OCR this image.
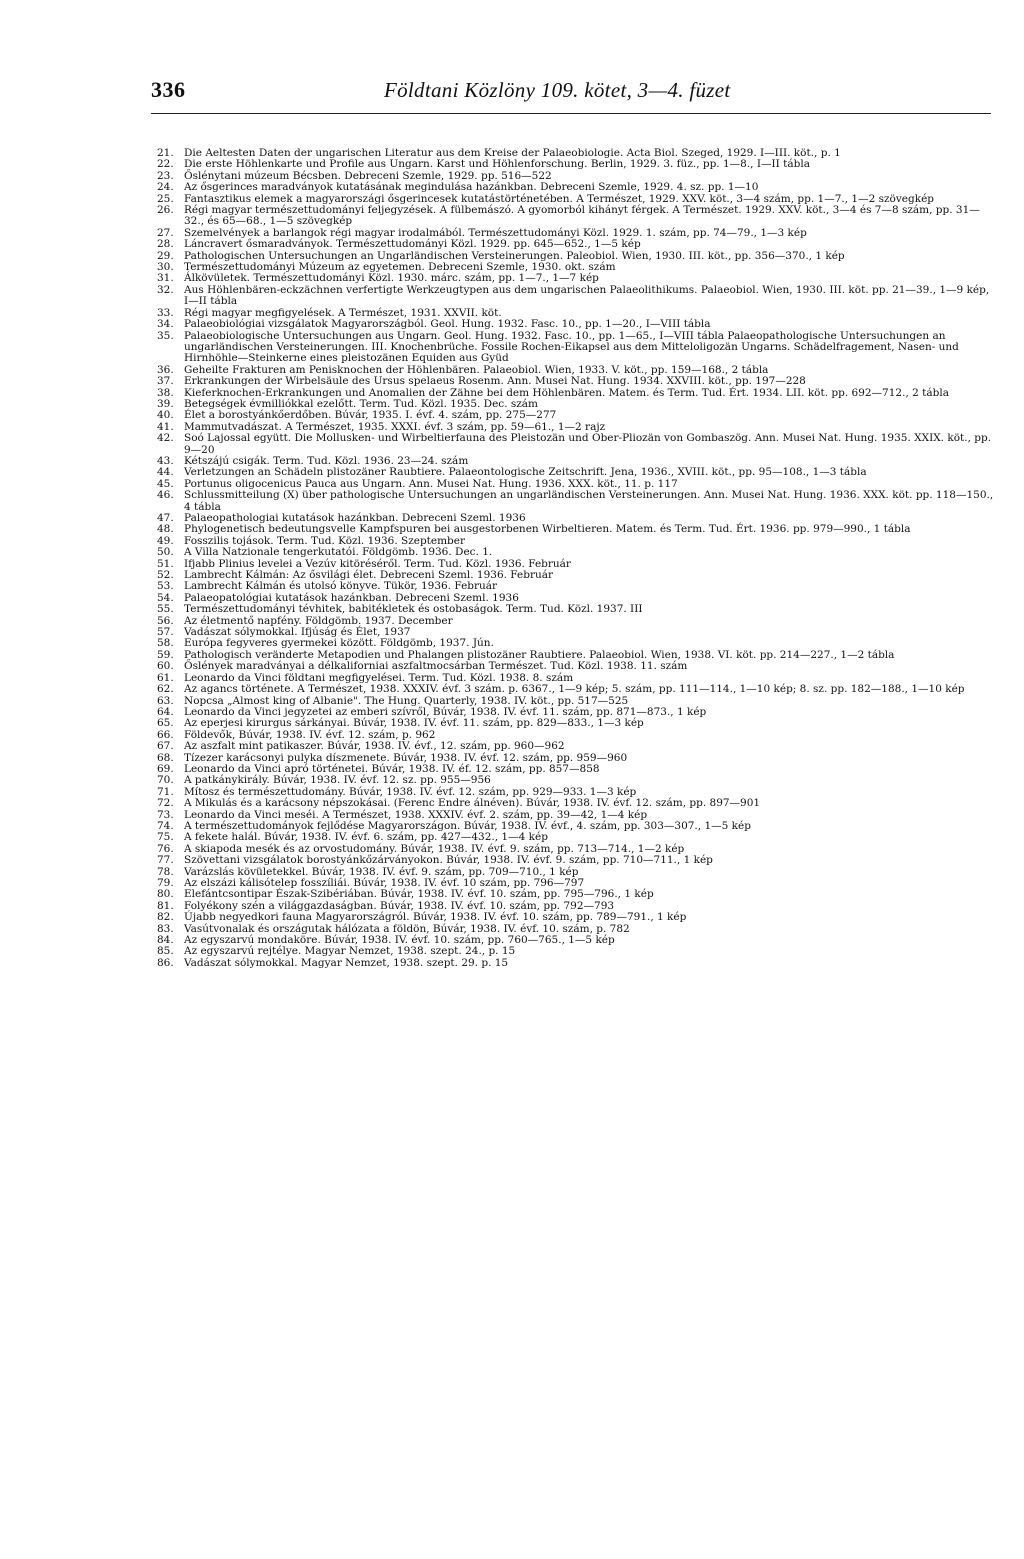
336	Földtani Közlöny 109. kötet, 3—4. füzet
21. Die Aeltesten Daten der ungarischen Literatur aus dem Kreise der Palaeobiologie. Acta Biol. Szeged, 1929. I—III. köt., p. 1
22. Die erste Höhlenkarte und Profile aus Ungarn. Karst und Höhlenforschung. Berlin, 1929. 3. füz., pp. 1—8., I—II tábla
23. Őslénytani múzeum Bécsben. Debreceni Szemle, 1929. pp. 516—522
24. Az ősgerinces maradványok kutatásának megindulása hazánkban. Debreceni Szemle, 1929. 4. sz. pp. 1—10
25. Fantasztikus elemek a magyarországi ősgerincesek kutatástörténetében. A Természet, 1929. XXV. köt., 3—4 szám, pp. 1—7., 1—2 szövegkép
26. Régi magyar természettudományi feljegyzések. A fülbemászó. A gyomorból kihányt férgek. A Természet. 1929. XXV. köt., 3—4 és 7—8 szám, pp. 31—32., és 65—68., 1—5 szövegkép
27. Szemelvények a barlangok régi magyar irodalmából. Természettudományi Közl. 1929. 1. szám, pp. 74—79., 1—3 kép
28. Láncravert ősmaradványok. Természettudományi Közl. 1929. pp. 645—652., 1—5 kép
29. Pathologischen Untersuchungen an Ungarländischen Versteinerungen. Paleobiol. Wien, 1930. III. köt., pp. 356—370., 1 kép
30. Természettudományi Múzeum az egyetemen. Debreceni Szemle, 1930. okt. szám
31. Álkövületek. Természettudományi Közl. 1930. márc. szám, pp. 1—7., 1—7 kép
32. Aus Höhlenbären-eckzächnen verfertigte Werkzeugtypen aus dem ungarischen Palaeolithikums. Palaeobiol. Wien, 1930. III. köt. pp. 21—39., 1—9 kép, I—II tábla
33. Régi magyar megfigyelések. A Természet, 1931. XXVII. köt.
34. Palaeobiológiai vizsgálatok Magyarországból. Geol. Hung. 1932. Fasc. 10., pp. 1—20., I—VIII tábla
35. Palaeobiologische Untersuchungen aus Ungarn. Geol. Hung. 1932. Fasc. 10., pp. 1—65., I—VIII tábla Palaeopathologische Untersuchungen an ungarländischen Versteinerungen. III. Knochenbrüche. Fossile Rochen-Eikapsel aus dem Mitteloligozän Ungarns. Schädelfragement, Nasen- und Hirnhöhle—Steinkerne eines pleistozänen Equiden aus Gyüd
36. Geheilte Frakturen am Penisknochen der Höhlenbären. Palaeobiol. Wien, 1933. V. köt., pp. 159—168., 2 tábla
37. Erkrankungen der Wirbelsäule des Ursus spelaeus Rosenm. Ann. Musei Nat. Hung. 1934. XXVIII. köt., pp. 197—228
38. Kieferknochen-Erkrankungen und Anomalien der Zähne bei dem Höhlenbären. Matem. és Term. Tud. Ért. 1934. LII. köt. pp. 692—712., 2 tábla
39. Betegségek évmilliókkal ezelőtt. Term. Tud. Közl. 1935. Dec. szám
40. Élet a borostyánkőerdőben. Búvár, 1935. I. évf. 4. szám, pp. 275—277
41. Mammutvadászat. A Természet, 1935. XXXI. évf. 3 szám, pp. 59—61., 1—2 rajz
42. Soó Lajossal együtt. Die Mollusken- und Wirbeltierfauna des Pleistozän und Ober-Pliozän von Gombaszög. Ann. Musei Nat. Hung. 1935. XXIX. köt., pp. 9—20
43. Kétszájú csigák. Term. Tud. Közl. 1936. 23—24. szám
44. Verletzungen an Schädeln plistozäner Raubtiere. Palaeontologische Zeitschrift. Jena, 1936., XVIII. köt., pp. 95—108., 1—3 tábla
45. Portunus oligocenicus Pauca aus Ungarn. Ann. Musei Nat. Hung. 1936. XXX. köt., 11. p. 117
46. Schlussmitteilung (X) über pathologische Untersuchungen an ungarländischen Versteinerungen. Ann. Musei Nat. Hung. 1936. XXX. köt. pp. 118—150., 4 tábla
47. Palaeopathologiai kutatások hazánkban. Debreceni Szeml. 1936
48. Phylogenetisch bedeutungsvelle Kampfspuren bei ausgestorbenen Wirbeltieren. Matem. és Term. Tud. Ért. 1936. pp. 979—990., 1 tábla
49. Fosszilis tojások. Term. Tud. Közl. 1936. Szeptember
50. A Villa Natzionale tengerkutatói. Földgömb. 1936. Dec. 1.
51. Ifjabb Plinius levelei a Vezúv kitöréséről. Term. Tud. Közl. 1936. Február
52. Lambrecht Kálmán: Az ősvilági élet. Debreceni Szeml. 1936. Február
53. Lambrecht Kálmán és utolsó könyve. Tükör, 1936. Február
54. Palaeopatológiai kutatások hazánkban. Debreceni Szeml. 1936
55. Természettudományi tévhitek, babitékletek és ostobaságok. Term. Tud. Közl. 1937. III
56. Az életmentő napfény. Földgömb. 1937. December
57. Vadászat sólymokkal. Ifjúság és Élet, 1937
58. Európa fegyveres gyermekei között. Földgömb, 1937. Jún.
59. Pathologisch veränderte Metapodien und Phalangen plistozäner Raubtiere. Palaeobiol. Wien, 1938. VI. köt. pp. 214—227., 1—2 tábla
60. Őslények maradványai a délkaliforniai aszfaltmocsárban Természet. Tud. Közl. 1938. 11. szám
61. Leonardo da Vinci földtani megfigyelései. Term. Tud. Közl. 1938. 8. szám
62. Az agancs története. A Természet, 1938. XXXIV. évf. 3 szám. p. 6367., 1—9 kép; 5. szám, pp. 111—114., 1—10 kép; 8. sz. pp. 182—188., 1—10 kép
63. Nopcsa „Almost king of Albanie". The Hung. Quarterly, 1938. IV. köt., pp. 517—525
64. Leonardo da Vinci jegyzetei az emberi szívről, Búvár, 1938. IV. évf. 11. szám, pp. 871—873., 1 kép
65. Az eperjesi kirurgus sárkányai. Búvár, 1938. IV. évf. 11. szám, pp. 829—833., 1—3 kép
66. Földevők, Búvár, 1938. IV. évf. 12. szám, p. 962
67. Az aszfalt mint patikaszer. Búvár, 1938. IV. évf., 12. szám, pp. 960—962
68. Tízezer karácsonyi pulyka díszmenete. Búvár, 1938. IV. évf. 12. szám, pp. 959—960
69. Leonardo da Vinci apró történetei. Búvár, 1938. IV. éf. 12. szám, pp. 857—858
70. A patkánykirály. Búvár, 1938. IV. évf. 12. sz. pp. 955—956
71. Mítosz és természettudomány. Búvár, 1938. IV. évf. 12. szám, pp. 929—933. 1—3 kép
72. A Mikulás és a karácsony népszokásai. (Ferenc Endre álnéven). Búvár, 1938. IV. évf. 12. szám, pp. 897—901
73. Leonardo da Vinci meséi. A Természet, 1938. XXXIV. évf. 2. szám, pp. 39—42, 1—4 kép
74. A természettudományok fejlődése Magyarországon. Búvár, 1938. IV. évf., 4. szám, pp. 303—307., 1—5 kép
75. A fekete halál. Búvár, 1938. IV. évf. 6. szám, pp. 427—432., 1—4 kép
76. A skiapoda mesék és az orvostudomány. Búvár, 1938. IV. évf. 9. szám, pp. 713—714., 1—2 kép
77. Szövettani vizsgálatok borostyánkőzárványokon. Búvár, 1938. IV. évf. 9. szám, pp. 710—711., 1 kép
78. Varázslás kövületekkel. Búvár, 1938. IV. évf. 9. szám, pp. 709—710., 1 kép
79. Az elszázi kálisótelep fosszíliái. Búvár, 1938. IV. évf. 10 szám, pp. 796—797
80. Elefántcsontipar Észak-Szibériában. Búvár, 1938. IV. évf. 10. szám, pp. 795—796., 1 kép
81. Folyékony szén a világgazdaságban. Búvár, 1938. IV. évf. 10. szám, pp. 792—793
82. Újabb negyedkori fauna Magyarországról. Búvár, 1938. IV. évf. 10. szám, pp. 789—791., 1 kép
83. Vasútvonalak és országutak hálózata a földön, Búvár, 1938. IV. évf. 10. szám, p. 782
84. Az egyszarvú mondaköre. Búvár, 1938. IV. évf. 10. szám, pp. 760—765., 1—5 kép
85. Az egyszarvú rejtélye. Magyar Nemzet, 1938. szept. 24., p. 15
86. Vadászat sólymokkal. Magyar Nemzet, 1938. szept. 29. p. 15
